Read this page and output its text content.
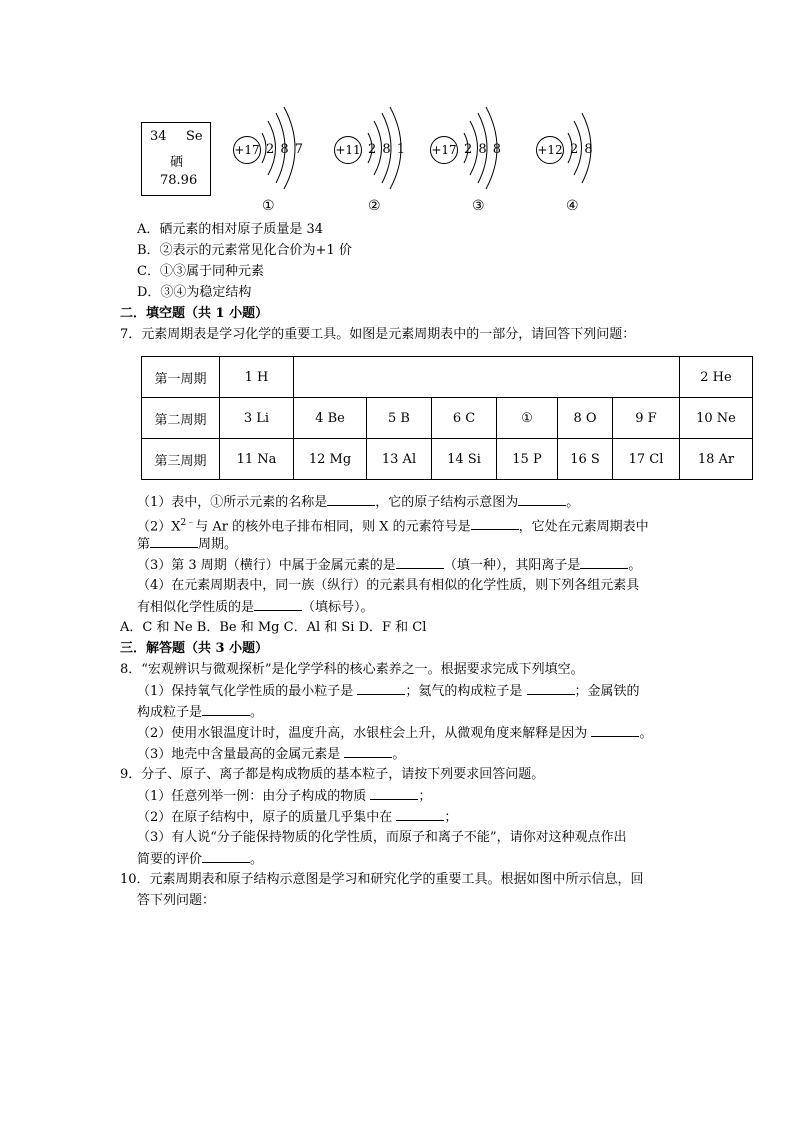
34 Se
硒
78.96
+17 2 8 7
①
+11 2 8 1
②
+17 2 8 8
③
+12 2 8
④
A．硒元素的相对原子质量是 34
B．②表示的元素常见化合价为+1 价
C．①③属于同种元素
D．③④为稳定结构
二．填空题（共 1 小题）
7．元素周期表是学习化学的重要工具。如图是元素周期表中的一部分，请回答下列问题：
第一周期	1 H							2 He
第二周期	3 Li	4 Be	5 B	6 C	①	8 O	9 F	10 Ne
第三周期	11 Na	12 Mg	13 Al	14 Si	15 P	16 S	17 Cl	18 Ar
（1）表中，①所示元素的名称是	，它的原子结构示意图为	。
$(2)X^{2﹣}$与 Ar 的核外电子排布相同，则 X 的元素符号是	，它处在元素周期表中
第	周期。
（3）第 3 周期（横行）中属于金属元素的是	（填一种），其阳离子是	。
（4）在元素周期表中，同一族（纵行）的元素具有相似的化学性质，则下列各组元素具
有相似化学性质的是	（填标号）。
A．C 和 Ne B．Be 和 Mg C．Al 和 Si D．F 和 Cl
三．解答题（共 3 小题）
8．“宏观辨识与微观探析”是化学学科的核心素养之一。根据要求完成下列填空。
（1）保持氧气化学性质的最小粒子是	；氦气的构成粒子是	；金属铁的
构成粒子是	。
（2）使用水银温度计时，温度升高，水银柱会上升，从微观角度来解释是因为	。
（3）地壳中含量最高的金属元素是	。
9．分子、原子、离子都是构成物质的基本粒子，请按下列要求回答问题。
（1）任意列举一例：由分子构成的物质	；
（2）在原子结构中，原子的质量几乎集中在	；
（3）有人说“分子能保持物质的化学性质，而原子和离子不能”，请你对这种观点作出
简要的评价	。
10．元素周期表和原子结构示意图是学习和研究化学的重要工具。根据如图中所示信息，回
答下列问题：
